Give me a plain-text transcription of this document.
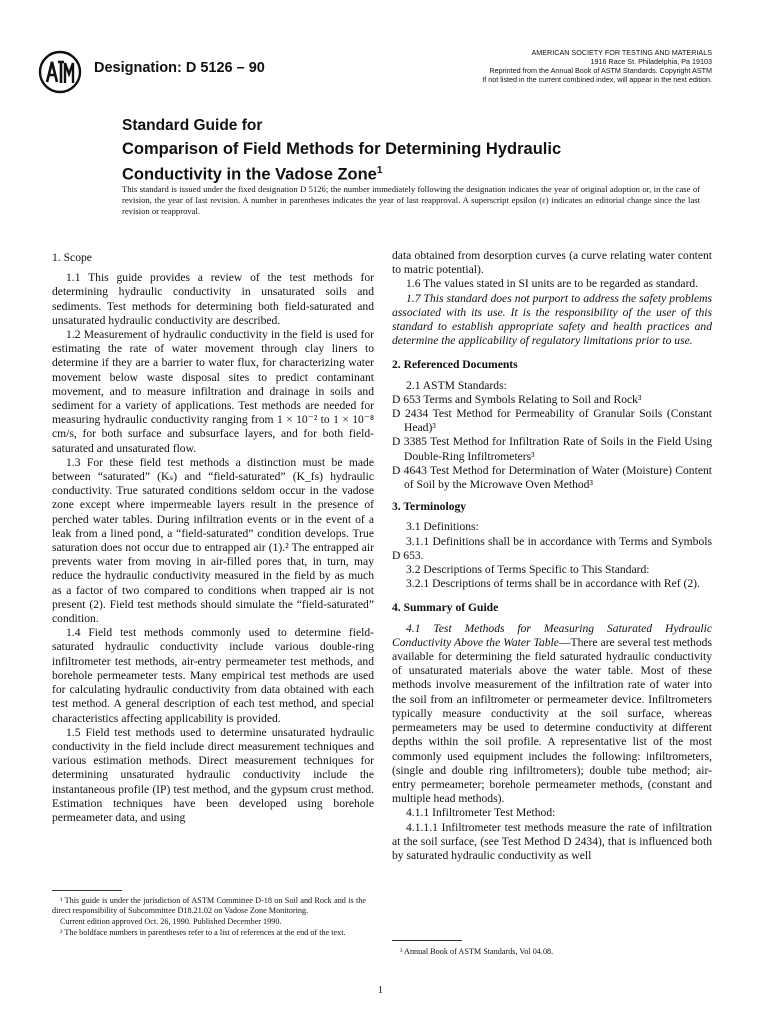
Designation: D 5126 – 90
AMERICAN SOCIETY FOR TESTING AND MATERIALS
1916 Race St. Philadelphia, Pa 19103
Reprinted from the Annual Book of ASTM Standards. Copyright ASTM
If not listed in the current combined index, will appear in the next edition.
Standard Guide for
Comparison of Field Methods for Determining Hydraulic
Conductivity in the Vadose Zone$^1$
This standard is issued under the fixed designation D 5126; the number immediately following the designation indicates the year of original adoption or, in the case of revision, the year of last revision. A number in parentheses indicates the year of last reapproval. A superscript epsilon (ε) indicates an editorial change since the last revision or reapproval.
1. Scope

1.1 This guide provides a review of the test methods for determining hydraulic conductivity in unsaturated soils and sediments. Test methods for determining both field-saturated and unsaturated hydraulic conductivity are described.

1.2 Measurement of hydraulic conductivity in the field is used for estimating the rate of water movement through clay liners to determine if they are a barrier to water flux, for characterizing water movement below waste disposal sites to predict contaminant movement, and to measure infiltration and drainage in soils and sediment for a variety of applications. Test methods are needed for measuring hydraulic conductivity ranging from 1 × 10⁻² to 1 × 10⁻⁸ cm/s, for both surface and subsurface layers, and for both field-saturated and unsaturated flow.

1.3 For these field test methods a distinction must be made between “saturated” (Kₛ) and “field-saturated” (K_fs) hydraulic conductivity. True saturated conditions seldom occur in the vadose zone except where impermeable layers result in the presence of perched water tables. During infiltration events or in the event of a leak from a lined pond, a “field-saturated” condition develops. True saturation does not occur due to entrapped air (1).² The entrapped air prevents water from moving in air-filled pores that, in turn, may reduce the hydraulic conductivity measured in the field by as much as a factor of two compared to conditions when trapped air is not present (2). Field test methods should simulate the “field-saturated” condition.

1.4 Field test methods commonly used to determine field-saturated hydraulic conductivity include various double-ring infiltrometer test methods, air-entry permeameter test methods, and borehole permeameter tests. Many empirical test methods are used for calculating hydraulic conductivity from data obtained with each test method. A general description of each test method, and special characteristics affecting applicability is provided.

1.5 Field test methods used to determine unsaturated hydraulic conductivity in the field include direct measurement techniques and various estimation methods. Direct measurement techniques for determining unsaturated hydraulic conductivity include the instantaneous profile (IP) test method, and the gypsum crust method. Estimation techniques have been developed using borehole permeameter data, and using

¹ This guide is under the jurisdiction of ASTM Committee D-18 on Soil and Rock and is the direct responsibility of Subcommittee D18.21.02 on Vadose Zone Monitoring.

Current edition approved Oct. 26, 1990. Published December 1990.

² The boldface numbers in parentheses refer to a list of references at the end of the text.

data obtained from desorption curves (a curve relating water content to matric potential).

1.6 The values stated in SI units are to be regarded as standard.

1.7 This standard does not purport to address the safety problems associated with its use. It is the responsibility of the user of this standard to establish appropriate safety and health practices and determine the applicability of regulatory limitations prior to use.

2. Referenced Documents

2.1 ASTM Standards:

D 653 Terms and Symbols Relating to Soil and Rock³
D 2434 Test Method for Permeability of Granular Soils (Constant Head)³
D 3385 Test Method for Infiltration Rate of Soils in the Field Using Double-Ring Infiltrometers³
D 4643 Test Method for Determination of Water (Moisture) Content of Soil by the Microwave Oven Method³
3. Terminology

3.1 Definitions:

3.1.1 Definitions shall be in accordance with Terms and Symbols D 653.

3.2 Descriptions of Terms Specific to This Standard:

3.2.1 Descriptions of terms shall be in accordance with Ref (2).

4. Summary of Guide

4.1 Test Methods for Measuring Saturated Hydraulic Conductivity Above the Water Table—There are several test methods available for determining the field saturated hydraulic conductivity of unsaturated materials above the water table. Most of these methods involve measurement of the infiltration rate of water into the soil from an infiltrometer or permeameter device. Infiltrometers typically measure conductivity at the soil surface, whereas permeameters may be used to determine conductivity at different depths within the soil profile. A representative list of the most commonly used equipment includes the following: infiltrometers, (single and double ring infiltrometers); double tube method; air-entry permeameter; borehole permeameter methods, (constant and multiple head methods).

4.1.1 Infiltrometer Test Method:

4.1.1.1 Infiltrometer test methods measure the rate of infiltration at the soil surface, (see Test Method D 2434), that is influenced both by saturated hydraulic conductivity as well

³ Annual Book of ASTM Standards, Vol 04.08.

1
